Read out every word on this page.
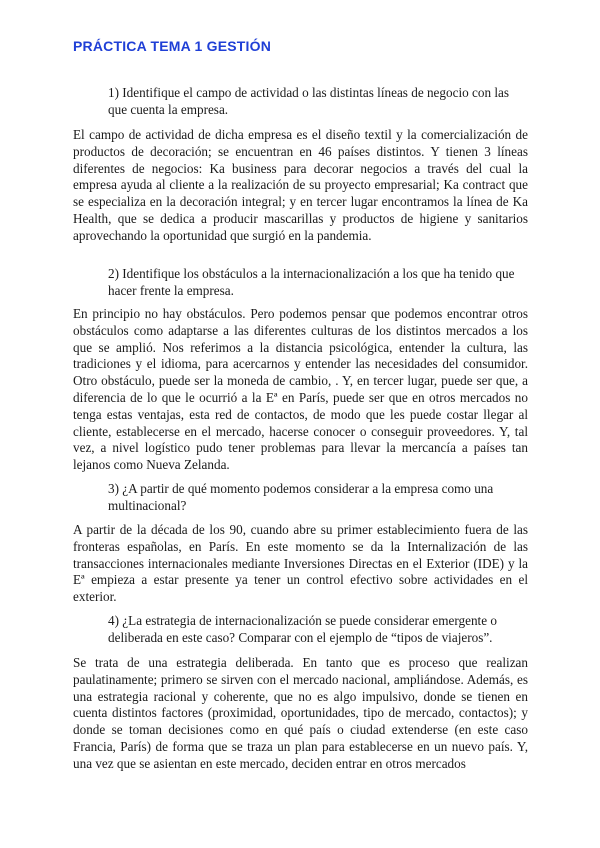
PRÁCTICA TEMA 1 GESTIÓN

1) Identifique el campo de actividad o las distintas líneas de negocio con las que cuenta la empresa.

El campo de actividad de dicha empresa es el diseño textil y la comercialización de productos de decoración; se encuentran en 46 países distintos. Y tienen 3 líneas diferentes de negocios: Ka business para decorar negocios a través del cual la empresa ayuda al cliente a la realización de su proyecto empresarial; Ka contract que se especializa en la decoración integral; y en tercer lugar encontramos la línea de Ka Health, que se dedica a producir mascarillas y productos de higiene y sanitarios aprovechando la oportunidad que surgió en la pandemia.

2) Identifique los obstáculos a la internacionalización a los que ha tenido que hacer frente la empresa.

En principio no hay obstáculos. Pero podemos pensar que podemos encontrar otros obstáculos como adaptarse a las diferentes culturas de los distintos mercados a los que se amplió. Nos referimos a la distancia psicológica, entender la cultura, las tradiciones y el idioma, para acercarnos y entender las necesidades del consumidor. Otro obstáculo, puede ser la moneda de cambio, . Y, en tercer lugar, puede ser que, a diferencia de lo que le ocurrió a la Eª en París, puede ser que en otros mercados no tenga estas ventajas, esta red de contactos, de modo que les puede costar llegar al cliente, establecerse en el mercado, hacerse conocer o conseguir proveedores. Y, tal vez, a nivel logístico pudo tener problemas para llevar la mercancía a países tan lejanos como Nueva Zelanda.

3) ¿A partir de qué momento podemos considerar a la empresa como una multinacional?

A partir de la década de los 90, cuando abre su primer establecimiento fuera de las fronteras españolas, en París. En este momento se da la Internalización de las transacciones internacionales mediante Inversiones Directas en el Exterior (IDE) y la Eª empieza a estar presente ya tener un control efectivo sobre actividades en el exterior.

4) ¿La estrategia de internacionalización se puede considerar emergente o deliberada en este caso? Comparar con el ejemplo de “tipos de viajeros”.

Se trata de una estrategia deliberada. En tanto que es proceso que realizan paulatinamente; primero se sirven con el mercado nacional, ampliándose. Además, es una estrategia racional y coherente, que no es algo impulsivo, donde se tienen en cuenta distintos factores (proximidad, oportunidades, tipo de mercado, contactos); y donde se toman decisiones como en qué país o ciudad extenderse (en este caso Francia, París) de forma que se traza un plan para establecerse en un nuevo país. Y, una vez que se asientan en este mercado, deciden entrar en otros mercados
